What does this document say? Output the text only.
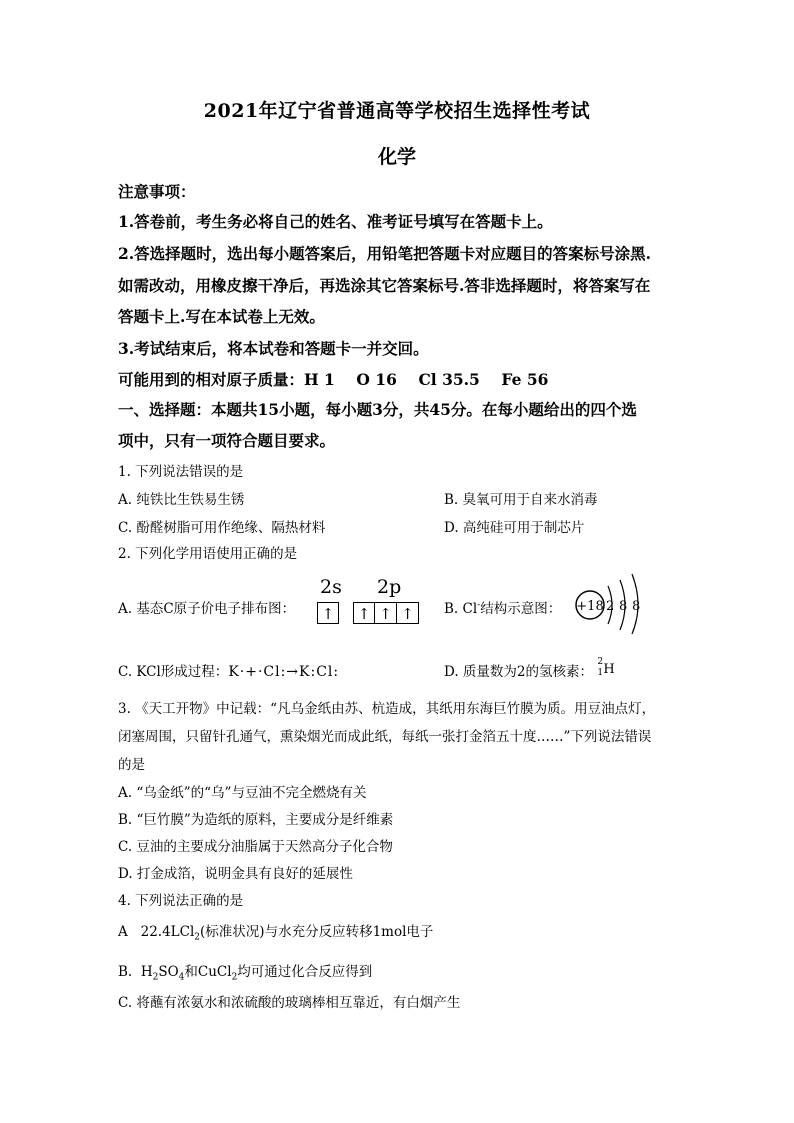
2021年辽宁省普通高等学校招生选择性考试
化学
注意事项：
1.答卷前，考生务必将自己的姓名、准考证号填写在答题卡上。
2.答选择题时，选出每小题答案后，用铅笔把答题卡对应题目的答案标号涂黑.
如需改动，用橡皮擦干净后，再选涂其它答案标号.答非选择题时，将答案写在
答题卡上.写在本试卷上无效。
3.考试结束后，将本试卷和答题卡一并交回。
可能用到的相对原子质量：H 1    O 16    Cl 35.5    Fe 56
一、选择题：本题共15小题，每小题3分，共45分。在每小题给出的四个选
项中，只有一项符合题目要求。
1. 下列说法错误的是
A. 纯铁比生铁易生锈	B. 臭氧可用于自来水消毒
C. 酚醛树脂可用作绝缘、隔热材料	D. 高纯硅可用于制芯片
2. 下列化学用语使用正确的是
A. 基态C原子价电子排布图：
2s 2p
↑	↑ ↑ ↑	B. Cl-结构示意图： +18 2 8 8
C. KCl形成过程：K·+·Cl:→K:Cl:	D. 质量数为2的氢核素：
2
1 H
3. 《天工开物》中记载：“凡乌金纸由苏、杭造成，其纸用东海巨竹膜为质。用豆油点灯，
闭塞周围，只留针孔通气，熏染烟光而成此纸，每纸一张打金箔五十度……”下列说法错误
的是
A. “乌金纸”的“乌”与豆油不完全燃烧有关
B. “巨竹膜”为造纸的原料，主要成分是纤维素
C. 豆油的主要成分油脂属于天然高分子化合物
D. 打金成箔，说明金具有良好的延展性
4. 下列说法正确的是
A 22.4LCl$_2$(标准状况)与水充分反应转移1mol电子
B. $H_2SO_4$和CuCl$_2$均可通过化合反应得到
C. 将蘸有浓氨水和浓硫酸的玻璃棒相互靠近，有白烟产生
